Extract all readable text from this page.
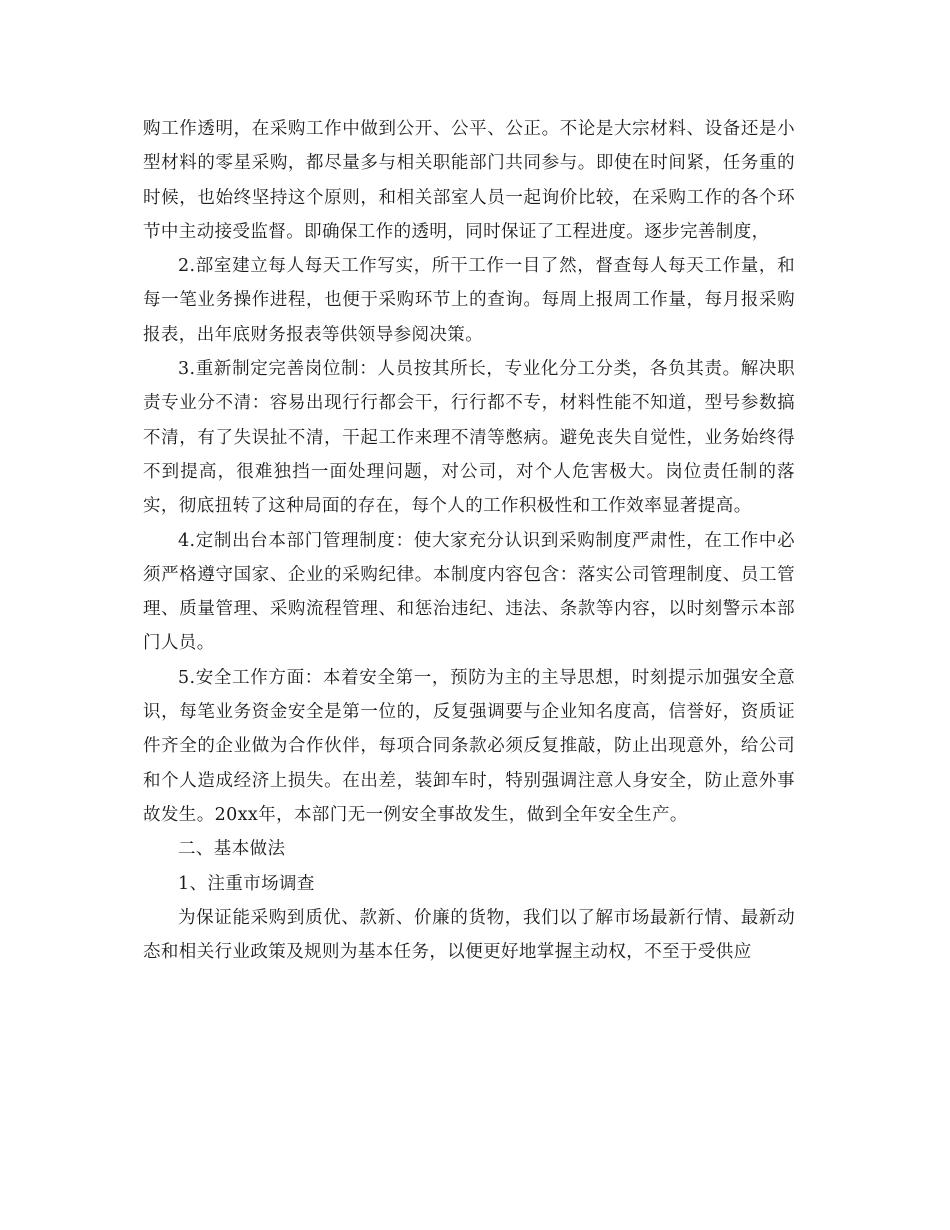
购工作透明，在采购工作中做到公开、公平、公正。不论是大宗材料、设备还是小型材料的零星采购，都尽量多与相关职能部门共同参与。即使在时间紧，任务重的时候，也始终坚持这个原则，和相关部室人员一起询价比较，在采购工作的各个环节中主动接受监督。即确保工作的透明，同时保证了工程进度。逐步完善制度，

2.部室建立每人每天工作写实，所干工作一目了然，督查每人每天工作量，和每一笔业务操作进程，也便于采购环节上的查询。每周上报周工作量，每月报采购报表，出年底财务报表等供领导参阅决策。

3.重新制定完善岗位制：人员按其所长，专业化分工分类，各负其责。解决职责专业分不清：容易出现行行都会干，行行都不专，材料性能不知道，型号参数搞不清，有了失误扯不清，干起工作来理不清等憋病。避免丧失自觉性，业务始终得不到提高，很难独挡一面处理问题，对公司，对个人危害极大。岗位责任制的落实，彻底扭转了这种局面的存在，每个人的工作积极性和工作效率显著提高。

4.定制出台本部门管理制度：使大家充分认识到采购制度严肃性，在工作中必须严格遵守国家、企业的采购纪律。本制度内容包含：落实公司管理制度、员工管理、质量管理、采购流程管理、和惩治违纪、违法、条款等内容，以时刻警示本部门人员。

5.安全工作方面：本着安全第一，预防为主的主导思想，时刻提示加强安全意识，每笔业务资金安全是第一位的，反复强调要与企业知名度高，信誉好，资质证件齐全的企业做为合作伙伴，每项合同条款必须反复推敲，防止出现意外，给公司和个人造成经济上损失。在出差，装卸车时，特别强调注意人身安全，防止意外事故发生。20xx年，本部门无一例安全事故发生，做到全年安全生产。

二、基本做法

1、注重市场调查

为保证能采购到质优、款新、价廉的货物，我们以了解市场最新行情、最新动态和相关行业政策及规则为基本任务，以便更好地掌握主动权，不至于受供应
